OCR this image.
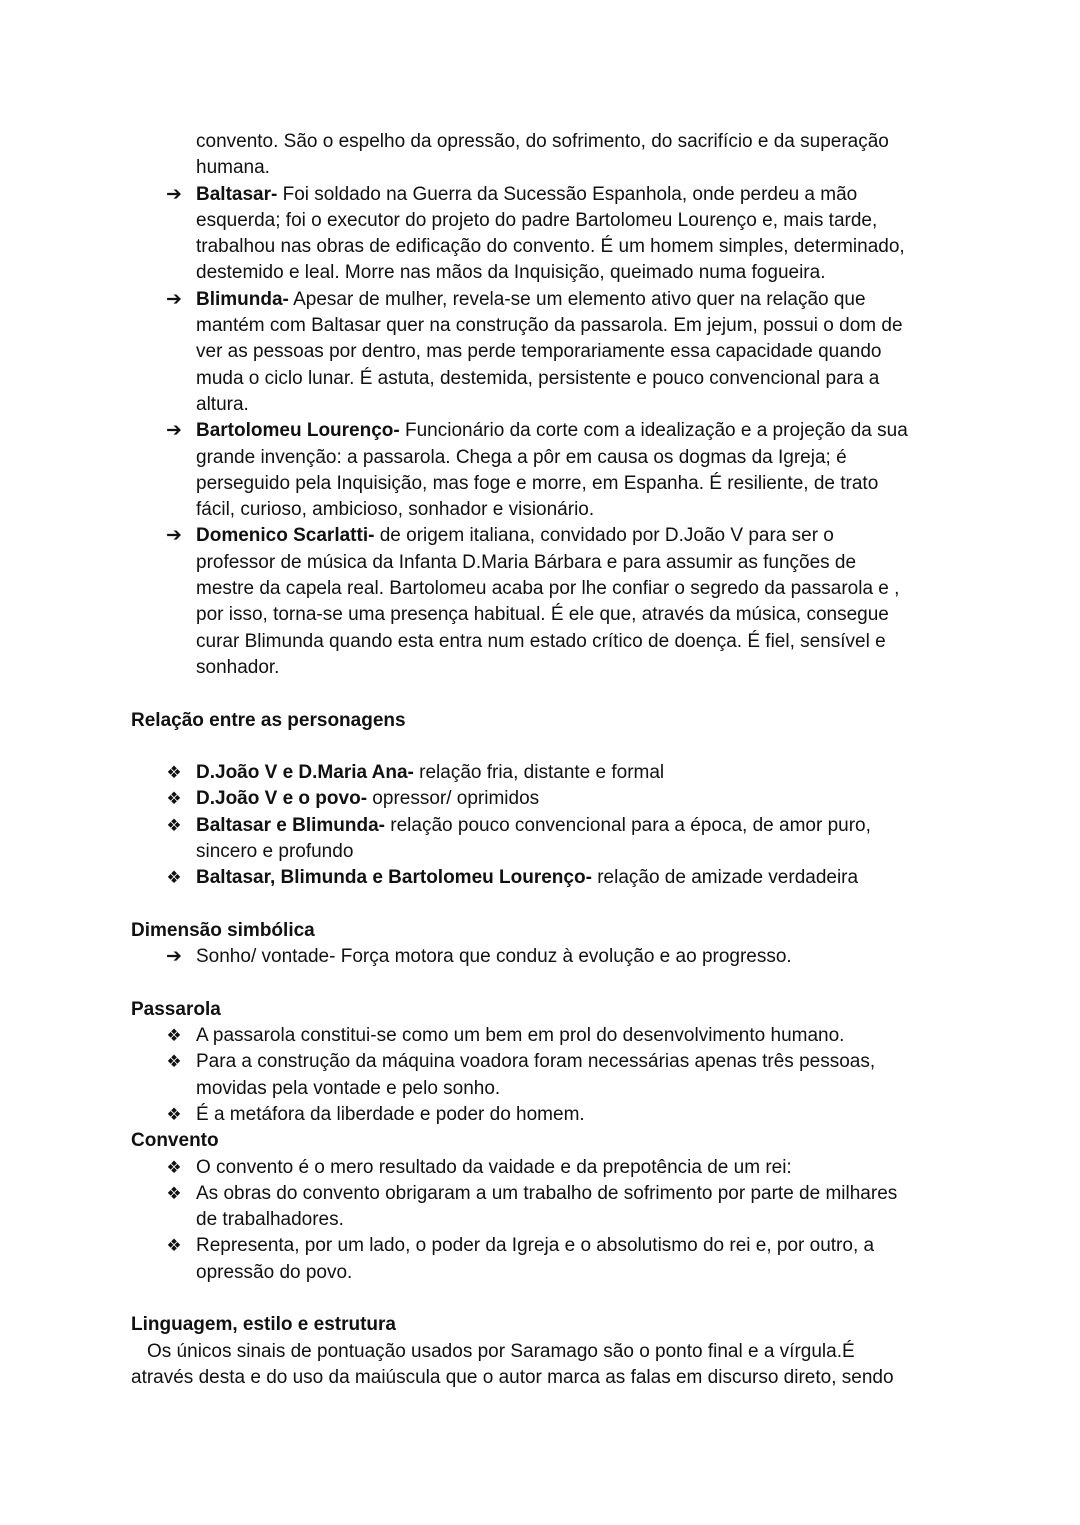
convento. São o espelho da opressão, do sofrimento, do sacrifício e da superação
humana.
➔ Baltasar- Foi soldado na Guerra da Sucessão Espanhola, onde perdeu a mão
esquerda; foi o executor do projeto do padre Bartolomeu Lourenço e, mais tarde,
trabalhou nas obras de edificação do convento. É um homem simples, determinado,
destemido e leal. Morre nas mãos da Inquisição, queimado numa fogueira.
➔ Blimunda- Apesar de mulher, revela-se um elemento ativo quer na relação que
mantém com Baltasar quer na construção da passarola. Em jejum, possui o dom de
ver as pessoas por dentro, mas perde temporariamente essa capacidade quando
muda o ciclo lunar. É astuta, destemida, persistente e pouco convencional para a
altura.
➔ Bartolomeu Lourenço- Funcionário da corte com a idealização e a projeção da sua
grande invenção: a passarola. Chega a pôr em causa os dogmas da Igreja; é
perseguido pela Inquisição, mas foge e morre, em Espanha. É resiliente, de trato
fácil, curioso, ambicioso, sonhador e visionário.
➔ Domenico Scarlatti- de origem italiana, convidado por D.João V para ser o
professor de música da Infanta D.Maria Bárbara e para assumir as funções de
mestre da capela real. Bartolomeu acaba por lhe confiar o segredo da passarola e ,
por isso, torna-se uma presença habitual. É ele que, através da música, consegue
curar Blimunda quando esta entra num estado crítico de doença. É fiel, sensível e
sonhador.
Relação entre as personagens
❖ D.João V e D.Maria Ana- relação fria, distante e formal
❖ D.João V e o povo- opressor/ oprimidos
❖ Baltasar e Blimunda- relação pouco convencional para a época, de amor puro,
sincero e profundo
❖ Baltasar, Blimunda e Bartolomeu Lourenço- relação de amizade verdadeira
Dimensão simbólica
➔ Sonho/ vontade- Força motora que conduz à evolução e ao progresso.
Passarola
❖ A passarola constitui-se como um bem em prol do desenvolvimento humano.
❖ Para a construção da máquina voadora foram necessárias apenas três pessoas,
movidas pela vontade e pelo sonho.
❖ É a metáfora da liberdade e poder do homem.
Convento
❖ O convento é o mero resultado da vaidade e da prepotência de um rei:
❖ As obras do convento obrigaram a um trabalho de sofrimento por parte de milhares
de trabalhadores.
❖ Representa, por um lado, o poder da Igreja e o absolutismo do rei e, por outro, a
opressão do povo.
Linguagem, estilo e estrutura
Os únicos sinais de pontuação usados por Saramago são o ponto final e a vírgula.É
através desta e do uso da maiúscula que o autor marca as falas em discurso direto, sendo
